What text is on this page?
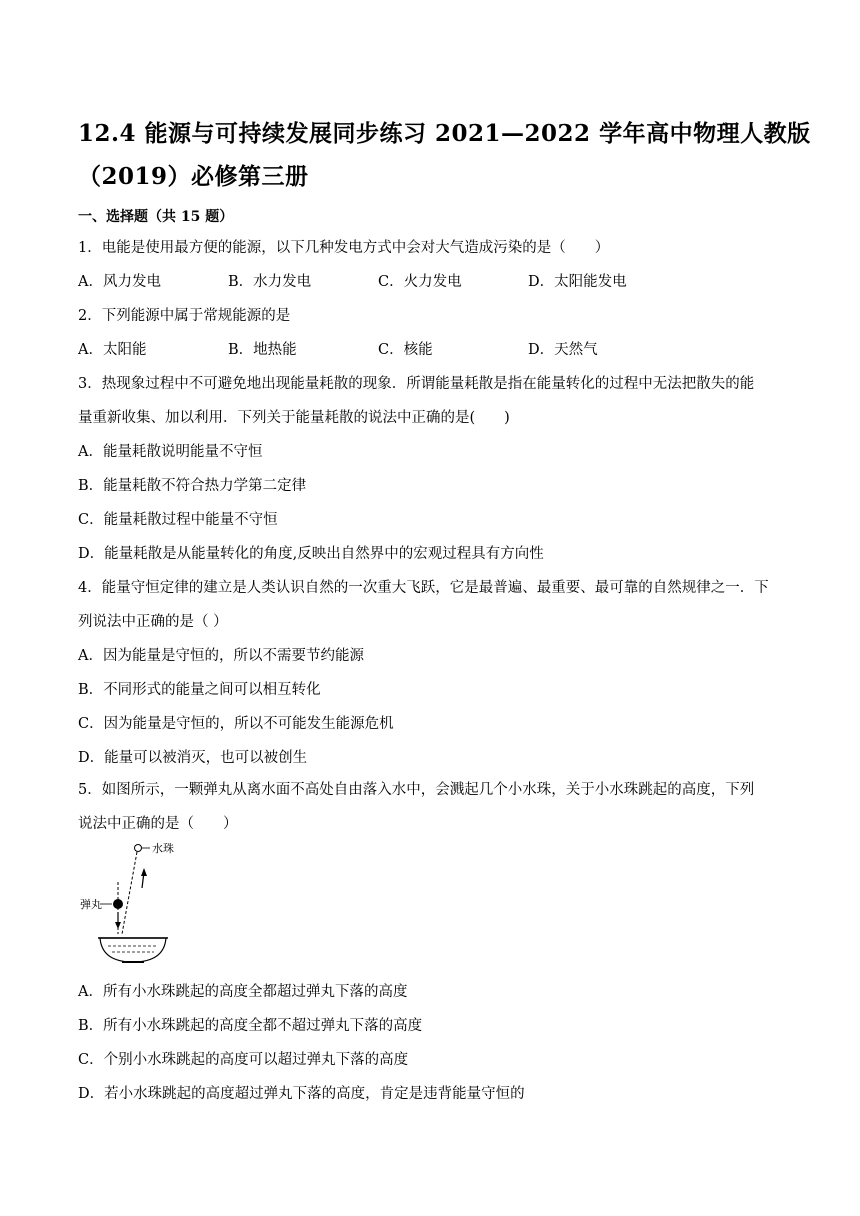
12.4 能源与可持续发展同步练习 2021—2022 学年高中物理人教版
（2019）必修第三册
一、选择题（共 15 题）
1．电能是使用最方便的能源，以下几种发电方式中会对大气造成污染的是（　　）
A．风力发电	B．水力发电	C．火力发电	D．太阳能发电
2．下列能源中属于常规能源的是
A．太阳能	B．地热能	C．核能	D．天然气
3．热现象过程中不可避免地出现能量耗散的现象．所谓能量耗散是指在能量转化的过程中无法把散失的能
量重新收集、加以利用．下列关于能量耗散的说法中正确的是(　　)
A．能量耗散说明能量不守恒
B．能量耗散不符合热力学第二定律
C．能量耗散过程中能量不守恒
D．能量耗散是从能量转化的角度,反映出自然界中的宏观过程具有方向性
4．能量守恒定律的建立是人类认识自然的一次重大飞跃，它是最普遍、最重要、最可靠的自然规律之一．下
列说法中正确的是（ ）
A．因为能量是守恒的，所以不需要节约能源
B．不同形式的能量之间可以相互转化
C．因为能量是守恒的，所以不可能发生能源危机
D．能量可以被消灭，也可以被创生
5．如图所示，一颗弹丸从离水面不高处自由落入水中，会溅起几个小水珠，关于小水珠跳起的高度，下列
说法中正确的是（　　）
水珠
弹丸
A．所有小水珠跳起的高度全都超过弹丸下落的高度
B．所有小水珠跳起的高度全都不超过弹丸下落的高度
C．个别小水珠跳起的高度可以超过弹丸下落的高度
D．若小水珠跳起的高度超过弹丸下落的高度，肯定是违背能量守恒的
